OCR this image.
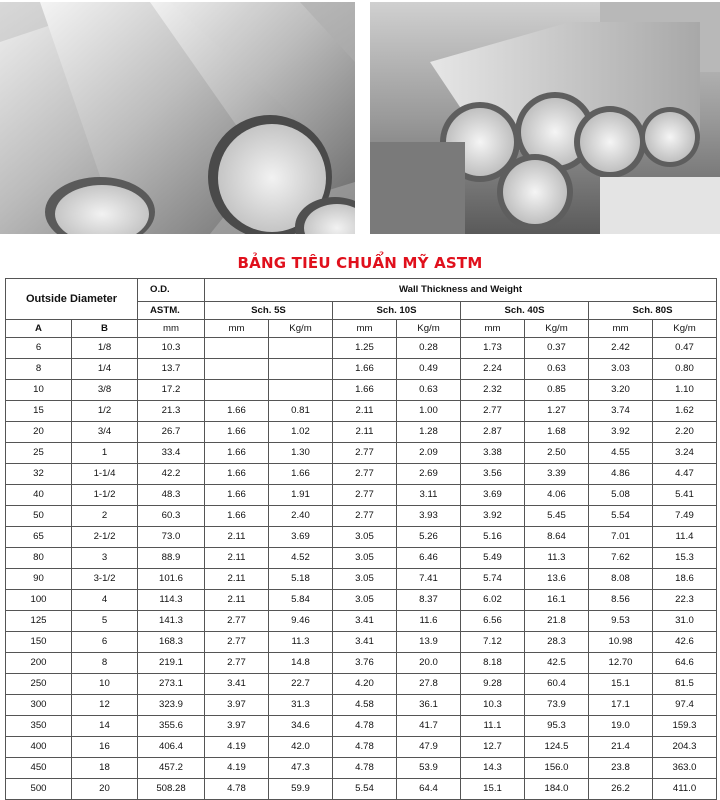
BẢNG TIÊU CHUẨN MỸ ASTM
Outside Diameter		O.D.	Wall Thickness and Weight							
		ASTM.	Sch. 5S		Sch. 10S		Sch. 40S		Sch. 80S	
A	B	mm	mm	Kg/m	mm	Kg/m	mm	Kg/m	mm	Kg/m
6	1/8	10.3			1.25	0.28	1.73	0.37	2.42	0.47
8	1/4	13.7			1.66	0.49	2.24	0.63	3.03	0.80
10	3/8	17.2			1.66	0.63	2.32	0.85	3.20	1.10
15	1/2	21.3	1.66	0.81	2.11	1.00	2.77	1.27	3.74	1.62
20	3/4	26.7	1.66	1.02	2.11	1.28	2.87	1.68	3.92	2.20
25	1	33.4	1.66	1.30	2.77	2.09	3.38	2.50	4.55	3.24
32	1-1/4	42.2	1.66	1.66	2.77	2.69	3.56	3.39	4.86	4.47
40	1-1/2	48.3	1.66	1.91	2.77	3.11	3.69	4.06	5.08	5.41
50	2	60.3	1.66	2.40	2.77	3.93	3.92	5.45	5.54	7.49
65	2-1/2	73.0	2.11	3.69	3.05	5.26	5.16	8.64	7.01	11.4
80	3	88.9	2.11	4.52	3.05	6.46	5.49	11.3	7.62	15.3
90	3-1/2	101.6	2.11	5.18	3.05	7.41	5.74	13.6	8.08	18.6
100	4	114.3	2.11	5.84	3.05	8.37	6.02	16.1	8.56	22.3
125	5	141.3	2.77	9.46	3.41	11.6	6.56	21.8	9.53	31.0
150	6	168.3	2.77	11.3	3.41	13.9	7.12	28.3	10.98	42.6
200	8	219.1	2.77	14.8	3.76	20.0	8.18	42.5	12.70	64.6
250	10	273.1	3.41	22.7	4.20	27.8	9.28	60.4	15.1	81.5
300	12	323.9	3.97	31.3	4.58	36.1	10.3	73.9	17.1	97.4
350	14	355.6	3.97	34.6	4.78	41.7	11.1	95.3	19.0	159.3
400	16	406.4	4.19	42.0	4.78	47.9	12.7	124.5	21.4	204.3
450	18	457.2	4.19	47.3	4.78	53.9	14.3	156.0	23.8	363.0
500	20	508.28	4.78	59.9	5.54	64.4	15.1	184.0	26.2	411.0
